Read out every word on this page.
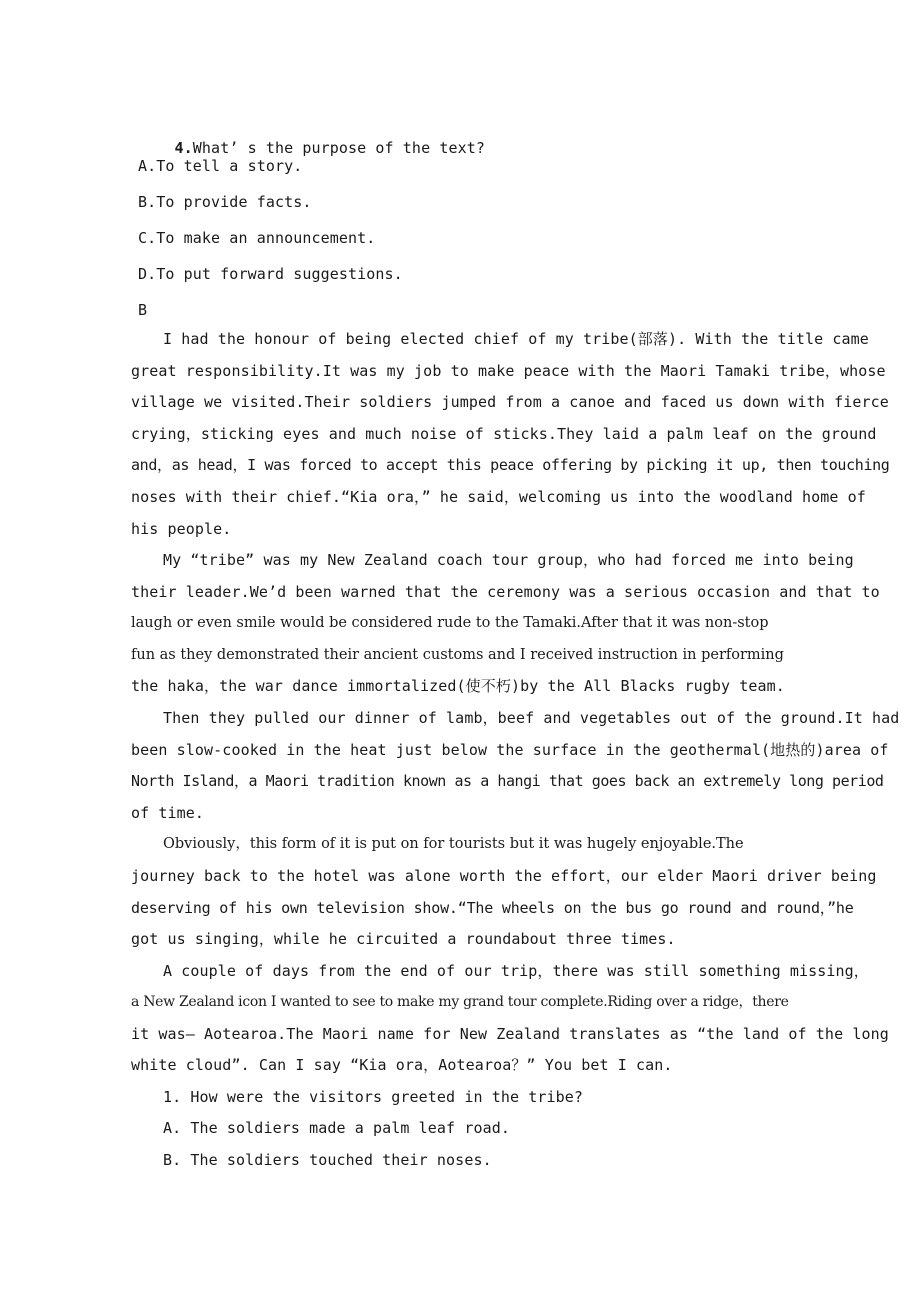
4.What’ s the purpose of the text?

A.To tell a story.
B.To provide facts.
C.To make an announcement.
D.To put forward suggestions.
B
I had the honour of being elected chief of my tribe(部落). With the title came
great responsibility.It was my job to make peace with the Maori Tamaki tribe，whose
village we visited.Their soldiers jumped from a canoe and faced us down with fierce
crying，sticking eyes and much noise of sticks.They laid a palm leaf on the ground
and，as head，I was forced to accept this peace offering by picking it up, then touching
noses with their chief.“Kia ora，” he said，welcoming us into the woodland home of
his people.
My “tribe” was my New Zealand coach tour group，who had forced me into being
their leader.We’d been warned that the ceremony was a serious occasion and that to
laugh or even smile would be considered rude to the Tamaki.After that it was non-stop
fun as they demonstrated their ancient customs and I received instruction in performing
the haka，the war dance immortalized(使不朽)by the All Blacks rugby team.
Then they pulled our dinner of lamb，beef and vegetables out of the ground.It had
been slow-cooked in the heat just below the surface in the geothermal(地热的)area of
North Island，a Maori tradition known as a hangi that goes back an extremely long period
of time.
Obviously，this form of it is put on for tourists but it was hugely enjoyable.The
journey back to the hotel was alone worth the effort，our elder Maori driver being
deserving of his own television show.“The wheels on the bus go round and round，”he
got us singing，while he circuited a roundabout three times.
A couple of days from the end of our trip，there was still something missing，
a New Zealand icon I wanted to see to make my grand tour complete.Riding over a ridge，there
it was— Aotearoa.The Maori name for New Zealand translates as “the land of the long
white cloud”. Can I say “Kia ora，Aotearoa？” You bet I can.
1. How were the visitors greeted in the tribe?
A. The soldiers made a palm leaf road.
B. The soldiers touched their noses.
